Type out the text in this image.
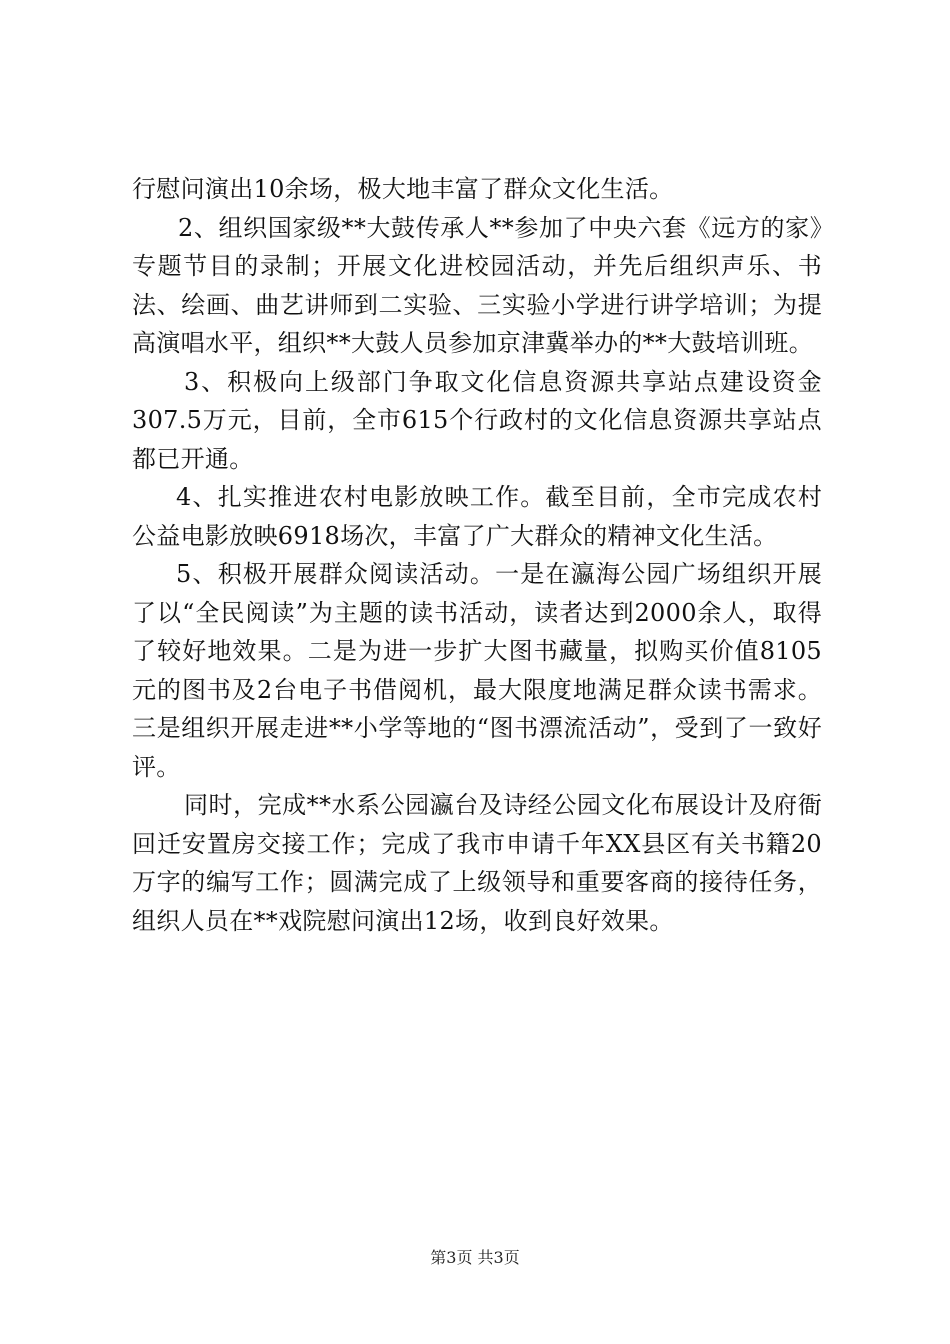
行慰问演出10余场，极大地丰富了群众文化生活。

2、组织国家级**大鼓传承人**参加了中央六套《远方的家》专题节目的录制；开展文化进校园活动，并先后组织声乐、书法、绘画、曲艺讲师到二实验、三实验小学进行讲学培训；为提高演唱水平，组织**大鼓人员参加京津冀举办的**大鼓培训班。

3、积极向上级部门争取文化信息资源共享站点建设资金307.5万元，目前，全市615个行政村的文化信息资源共享站点都已开通。

4、扎实推进农村电影放映工作。截至目前，全市完成农村公益电影放映6918场次，丰富了广大群众的精神文化生活。

5、积极开展群众阅读活动。一是在瀛海公园广场组织开展了以“全民阅读”为主题的读书活动，读者达到2000余人，取得了较好地效果。二是为进一步扩大图书藏量，拟购买价值8105元的图书及2台电子书借阅机，最大限度地满足群众读书需求。三是组织开展走进**小学等地的“图书漂流活动”，受到了一致好评。

同时，完成**水系公园瀛台及诗经公园文化布展设计及府衙回迁安置房交接工作；完成了我市申请千年XX县区有关书籍20万字的编写工作；圆满完成了上级领导和重要客商的接待任务，组织人员在**戏院慰问演出12场，收到良好效果。

第3页 共3页
